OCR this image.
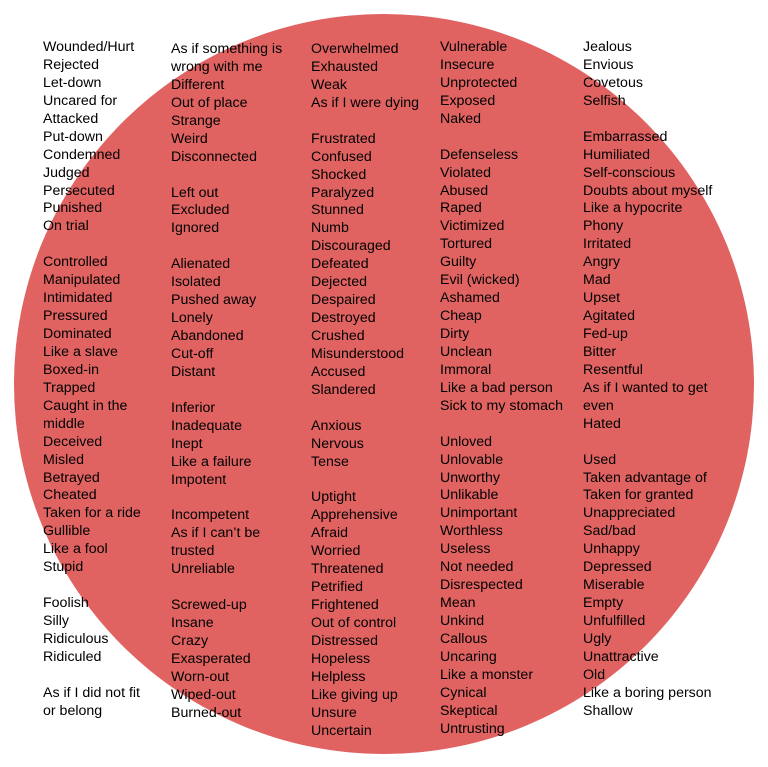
Wounded/Hurt
Rejected
Let-down
Uncared for
Attacked
Put-down
Condemned
Judged
Persecuted
Punished
On trial
Controlled
Manipulated
Intimidated
Pressured
Dominated
Like a slave
Boxed-in
Trapped
Caught in the
middle
Deceived
Misled
Betrayed
Cheated
Taken for a ride
Gullible
Like a fool
Stupid
Foolish
Silly
Ridiculous
Ridiculed
As if I did not fit
or belong
As if something is
wrong with me
Different
Out of place
Strange
Weird
Disconnected
Left out
Excluded
Ignored
Alienated
Isolated
Pushed away
Lonely
Abandoned
Cut-off
Distant
Inferior
Inadequate
Inept
Like a failure
Impotent
Incompetent
As if I can’t be
trusted
Unreliable
Screwed-up
Insane
Crazy
Exasperated
Worn-out
Wiped-out
Burned-out
Overwhelmed
Exhausted
Weak
As if I were dying
Frustrated
Confused
Shocked
Paralyzed
Stunned
Numb
Discouraged
Defeated
Dejected
Despaired
Destroyed
Crushed
Misunderstood
Accused
Slandered
Anxious
Nervous
Tense
Uptight
Apprehensive
Afraid
Worried
Threatened
Petrified
Frightened
Out of control
Distressed
Hopeless
Helpless
Like giving up
Unsure
Uncertain
Vulnerable
Insecure
Unprotected
Exposed
Naked
Defenseless
Violated
Abused
Raped
Victimized
Tortured
Guilty
Evil (wicked)
Ashamed
Cheap
Dirty
Unclean
Immoral
Like a bad person
Sick to my stomach
Unloved
Unlovable
Unworthy
Unlikable
Unimportant
Worthless
Useless
Not needed
Disrespected
Mean
Unkind
Callous
Uncaring
Like a monster
Cynical
Skeptical
Untrusting
Jealous
Envious
Covetous
Selfish
Embarrassed
Humiliated
Self-conscious
Doubts about myself
Like a hypocrite
Phony
Irritated
Angry
Mad
Upset
Agitated
Fed-up
Bitter
Resentful
As if I wanted to get
even
Hated
Used
Taken advantage of
Taken for granted
Unappreciated
Sad/bad
Unhappy
Depressed
Miserable
Empty
Unfulfilled
Ugly
Unattractive
Old
Like a boring person
Shallow
